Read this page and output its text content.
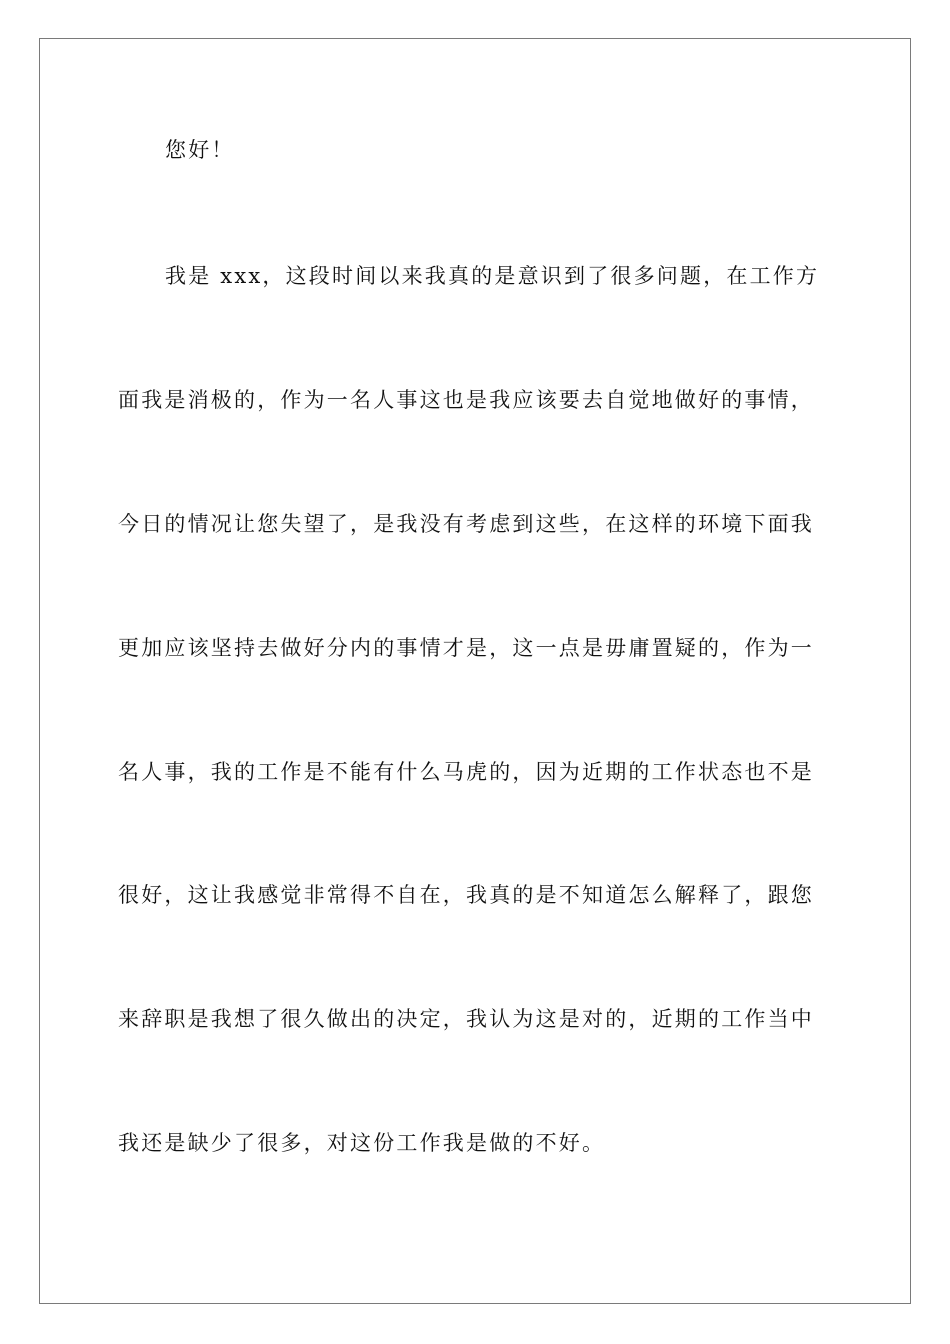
您好！
我是 xxx，这段时间以来我真的是意识到了很多问题，在工作方
面我是消极的，作为一名人事这也是我应该要去自觉地做好的事情，
今日的情况让您失望了，是我没有考虑到这些，在这样的环境下面我
更加应该坚持去做好分内的事情才是，这一点是毋庸置疑的，作为一
名人事，我的工作是不能有什么马虎的，因为近期的工作状态也不是
很好，这让我感觉非常得不自在，我真的是不知道怎么解释了，跟您
来辞职是我想了很久做出的决定，我认为这是对的，近期的工作当中
我还是缺少了很多，对这份工作我是做的不好。
